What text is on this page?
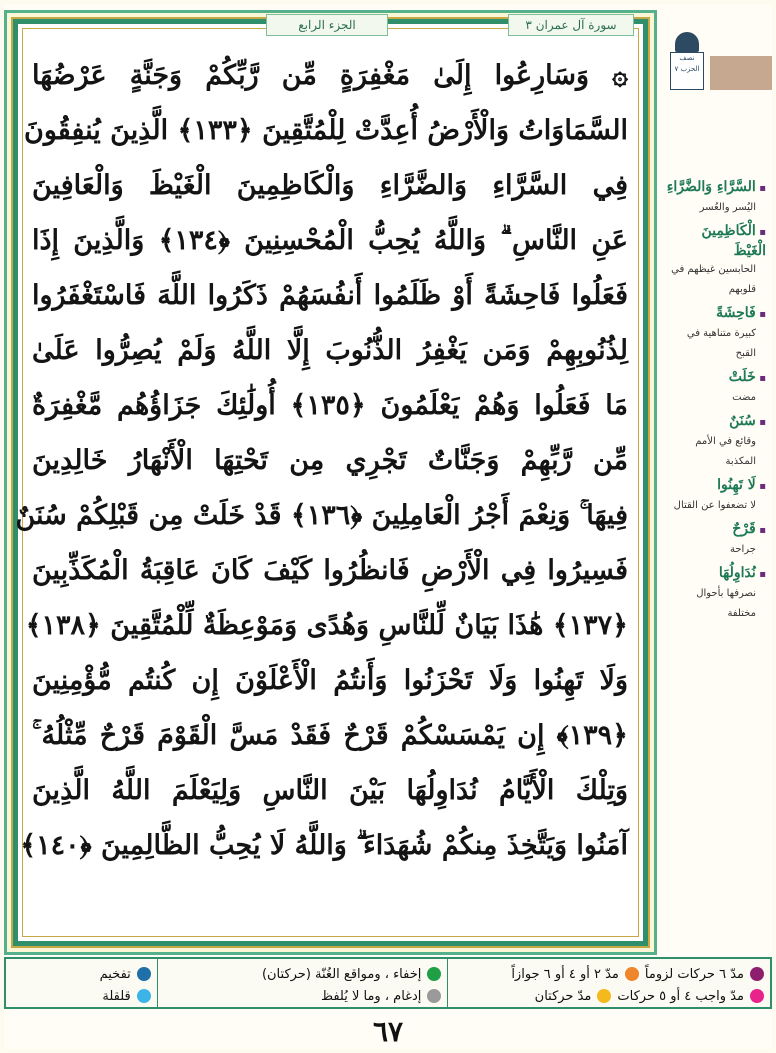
الجزء الرابع	سورة آل عمران ٣
۞ وَسَارِعُوا إِلَىٰ مَغْفِرَةٍ مِّن رَّبِّكُمْ وَجَنَّةٍ عَرْضُهَا
السَّمَاوَاتُ وَالْأَرْضُ أُعِدَّتْ لِلْمُتَّقِينَ ﴿١٣٣﴾ الَّذِينَ يُنفِقُونَ
فِي السَّرَّاءِ وَالضَّرَّاءِ وَالْكَاظِمِينَ الْغَيْظَ وَالْعَافِينَ
عَنِ النَّاسِ ۗ وَاللَّهُ يُحِبُّ الْمُحْسِنِينَ ﴿١٣٤﴾ وَالَّذِينَ إِذَا
فَعَلُوا فَاحِشَةً أَوْ ظَلَمُوا أَنفُسَهُمْ ذَكَرُوا اللَّهَ فَاسْتَغْفَرُوا
لِذُنُوبِهِمْ وَمَن يَغْفِرُ الذُّنُوبَ إِلَّا اللَّهُ وَلَمْ يُصِرُّوا عَلَىٰ
مَا فَعَلُوا وَهُمْ يَعْلَمُونَ ﴿١٣٥﴾ أُولَٰئِكَ جَزَاؤُهُم مَّغْفِرَةٌ
مِّن رَّبِّهِمْ وَجَنَّاتٌ تَجْرِي مِن تَحْتِهَا الْأَنْهَارُ خَالِدِينَ
فِيهَا ۚ وَنِعْمَ أَجْرُ الْعَامِلِينَ ﴿١٣٦﴾ قَدْ خَلَتْ مِن قَبْلِكُمْ سُنَنٌ
فَسِيرُوا فِي الْأَرْضِ فَانظُرُوا كَيْفَ كَانَ عَاقِبَةُ الْمُكَذِّبِينَ
﴿١٣٧﴾ هَٰذَا بَيَانٌ لِّلنَّاسِ وَهُدًى وَمَوْعِظَةٌ لِّلْمُتَّقِينَ ﴿١٣٨﴾
وَلَا تَهِنُوا وَلَا تَحْزَنُوا وَأَنتُمُ الْأَعْلَوْنَ إِن كُنتُم مُّؤْمِنِينَ
﴿١٣٩﴾ إِن يَمْسَسْكُمْ قَرْحٌ فَقَدْ مَسَّ الْقَوْمَ قَرْحٌ مِّثْلُهُ ۚ
وَتِلْكَ الْأَيَّامُ نُدَاوِلُهَا بَيْنَ النَّاسِ وَلِيَعْلَمَ اللَّهُ الَّذِينَ
آمَنُوا وَيَتَّخِذَ مِنكُمْ شُهَدَاءَ ۗ وَاللَّهُ لَا يُحِبُّ الظَّالِمِينَ ﴿١٤٠﴾
نصف الحزب ٧
▪ السَّرَّاءِ وَالضَّرَّاءِ
اليُسر والعُسر
▪ الْكَاظِمِينَ الْغَيْظَ
الحابسين غيظهم في قلوبهم
▪ فَاحِشَةً
كبيرة متناهية في القبح
▪ خَلَتْ
مضت
▪ سُنَنٌ
وقائع في الأمم المكذبة
▪ لَا تَهِنُوا
لا تضعفوا عن القتال
▪ قَرْحٌ
جراحة
▪ نُدَاوِلُهَا
نصرفها بأحوال مختلفة
مدّ ٦ حركات لزوماً
مدّ ٢ أو ٤ أو ٦ جوازاً
مدّ واجب ٤ أو ٥ حركات
مدّ حركتان
إخفاء ، ومواقع الغُنّة (حركتان)
إدغام ، وما لا يُلفظ
تفخيم
قلقلة
٦٧
